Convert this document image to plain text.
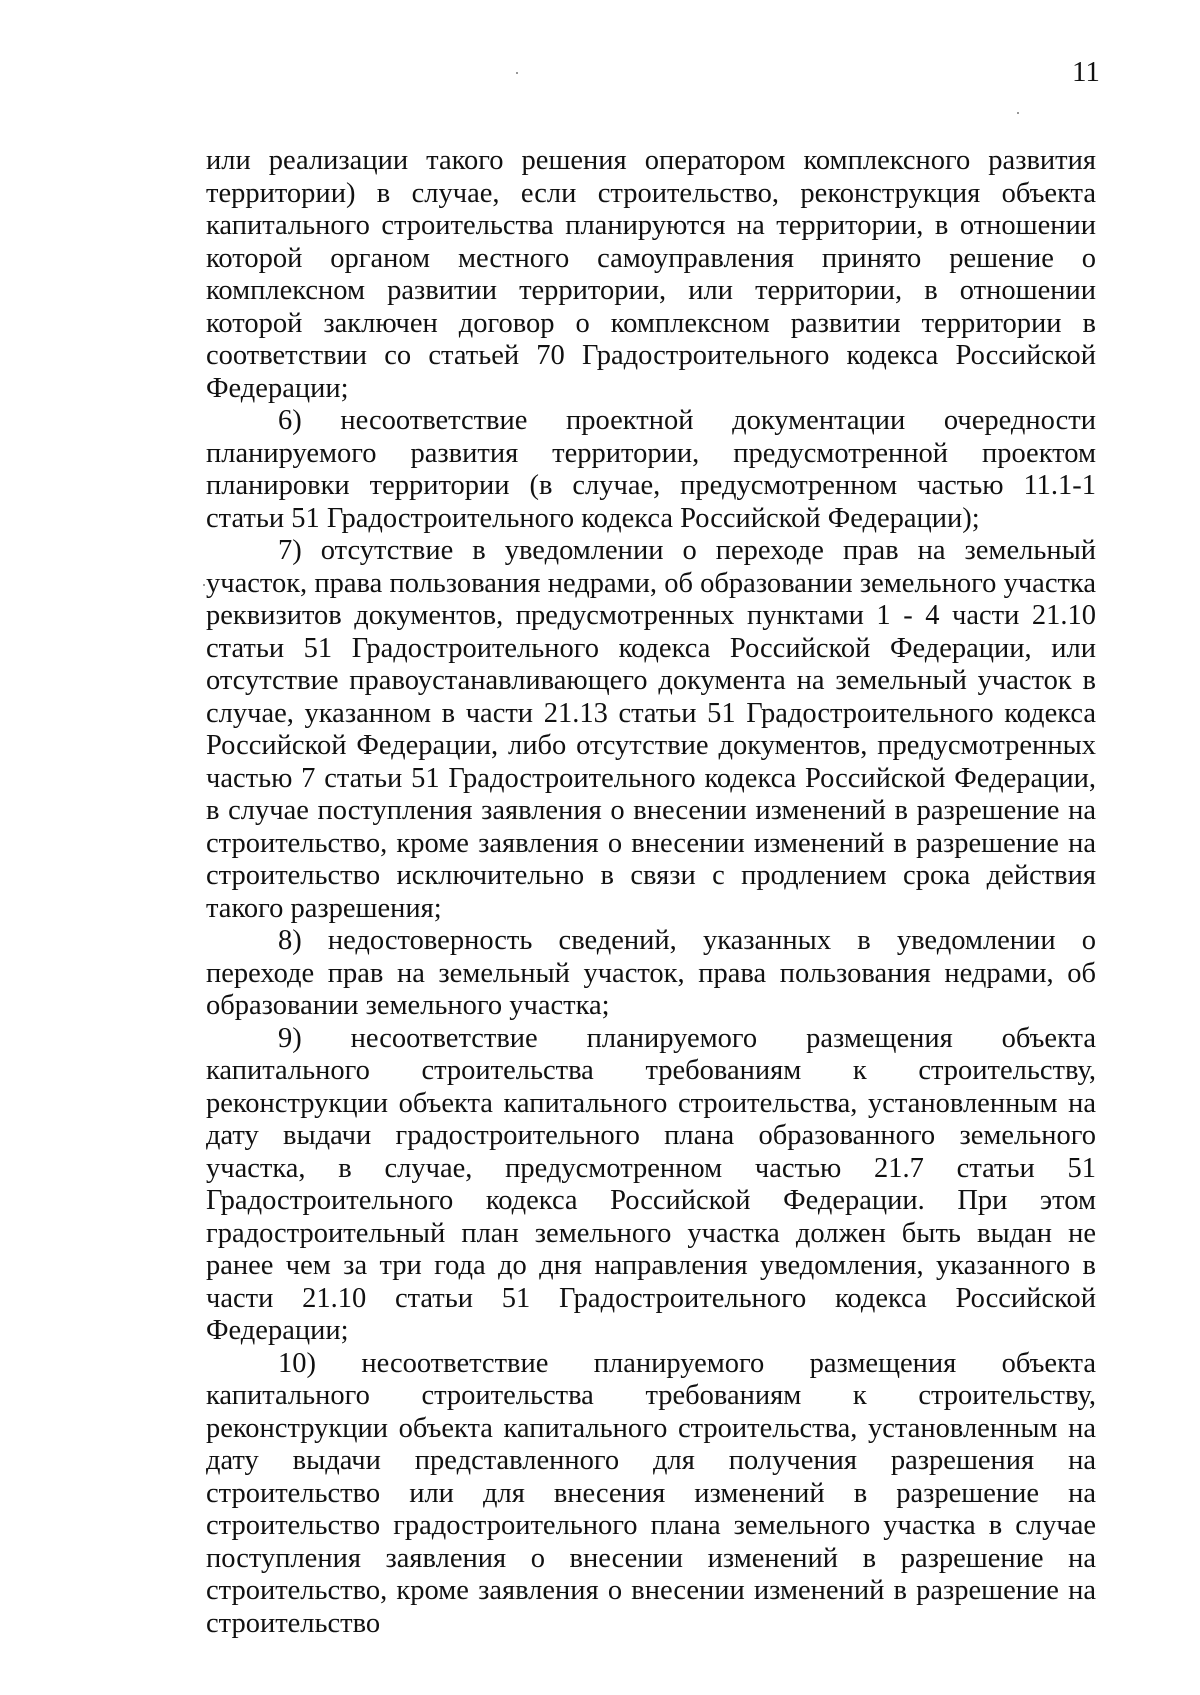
11

или реализации такого решения оператором комплексного развития территории) в случае, если строительство, реконструкция объекта капитального строительства планируются на территории, в отношении которой органом местного самоуправления принято решение о комплексном развитии территории, или территории, в отношении которой заключен договор о комплексном развитии территории в соответствии со статьей 70 Градостроительного кодекса Российской Федерации;

6) несоответствие проектной документации очередности планируемого развития территории, предусмотренной проектом планировки территории (в случае, предусмотренном частью 11.1-1 статьи 51 Градостроительного кодекса Российской Федерации);

7) отсутствие в уведомлении о переходе прав на земельный участок, права пользования недрами, об образовании земельного участка реквизитов документов, предусмотренных пунктами 1 - 4 части 21.10 статьи 51 Градостроительного кодекса Российской Федерации, или отсутствие правоустанавливающего документа на земельный участок в случае, указанном в части 21.13 статьи 51 Градостроительного кодекса Российской Федерации, либо отсутствие документов, предусмотренных частью 7 статьи 51 Градостроительного кодекса Российской Федерации, в случае поступления заявления о внесении изменений в разрешение на строительство, кроме заявления о внесении изменений в разрешение на строительство исключительно в связи с продлением срока действия такого разрешения;

8) недостоверность сведений, указанных в уведомлении о переходе прав на земельный участок, права пользования недрами, об образовании земельного участка;

9) несоответствие планируемого размещения объекта капитального строительства требованиям к строительству, реконструкции объекта капитального строительства, установленным на дату выдачи градостроительного плана образованного земельного участка, в случае, предусмотренном частью 21.7 статьи 51 Градостроительного кодекса Российской Федерации. При этом градостроительный план земельного участка должен быть выдан не ранее чем за три года до дня направления уведомления, указанного в части 21.10 статьи 51 Градостроительного кодекса Российской Федерации;

10) несоответствие планируемого размещения объекта капитального строительства требованиям к строительству, реконструкции объекта капитального строительства, установленным на дату выдачи представленного для получения разрешения на строительство или для внесения изменений в разрешение на строительство градостроительного плана земельного участка в случае поступления заявления о внесении изменений в разрешение на строительство, кроме заявления о внесении изменений в разрешение на строительство
